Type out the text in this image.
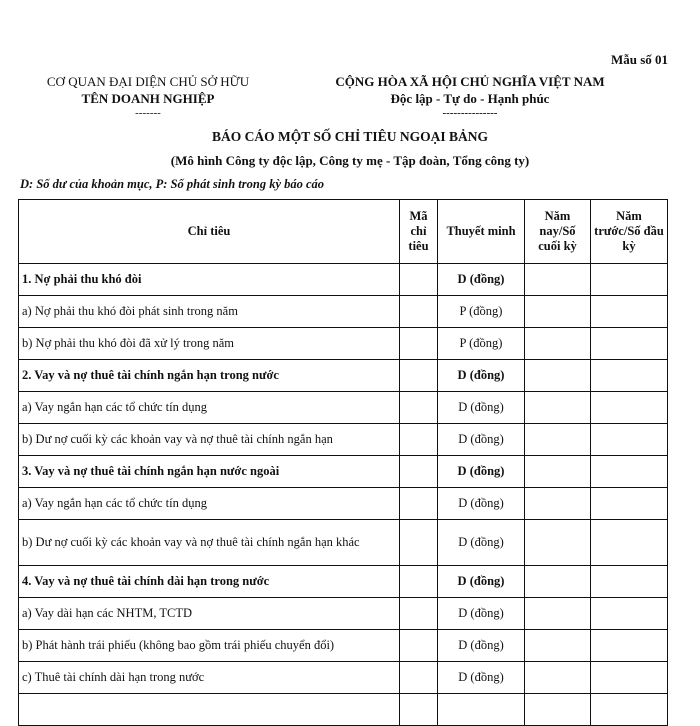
Mẫu số 01
CƠ QUAN ĐẠI DIỆN CHỦ SỞ HỮU
TÊN DOANH NGHIỆP
-------
CỘNG HÒA XÃ HỘI CHỦ NGHĨA VIỆT NAM
Độc lập - Tự do - Hạnh phúc
---------------
BÁO CÁO MỘT SỐ CHỈ TIÊU NGOẠI BẢNG
(Mô hình Công ty độc lập, Công ty mẹ - Tập đoàn, Tổng công ty)
D: Số dư của khoản mục, P: Số phát sinh trong kỳ báo cáo
Chỉ tiêu	Mã chỉ tiêu	Thuyết minh	Năm nay/Số cuối kỳ	Năm trước/Số đầu kỳ
1. Nợ phải thu khó đòi		D (đồng)		
a) Nợ phải thu khó đòi phát sinh trong năm		P (đồng)		
b) Nợ phải thu khó đòi đã xử lý trong năm		P (đồng)		
2. Vay và nợ thuê tài chính ngắn hạn trong nước		D (đồng)		
a) Vay ngắn hạn các tổ chức tín dụng		D (đồng)		
b) Dư nợ cuối kỳ các khoản vay và nợ thuê tài chính ngắn hạn		D (đồng)		
3. Vay và nợ thuê tài chính ngắn hạn nước ngoài		D (đồng)		
a) Vay ngắn hạn các tổ chức tín dụng		D (đồng)		
b) Dư nợ cuối kỳ các khoản vay và nợ thuê tài chính ngắn hạn khác		D (đồng)		
4. Vay và nợ thuê tài chính dài hạn trong nước		D (đồng)		
a) Vay dài hạn các NHTM, TCTD		D (đồng)		
b) Phát hành trái phiếu (không bao gồm trái phiếu chuyển đổi)		D (đồng)		
c) Thuê tài chính dài hạn trong nước		D (đồng)		
